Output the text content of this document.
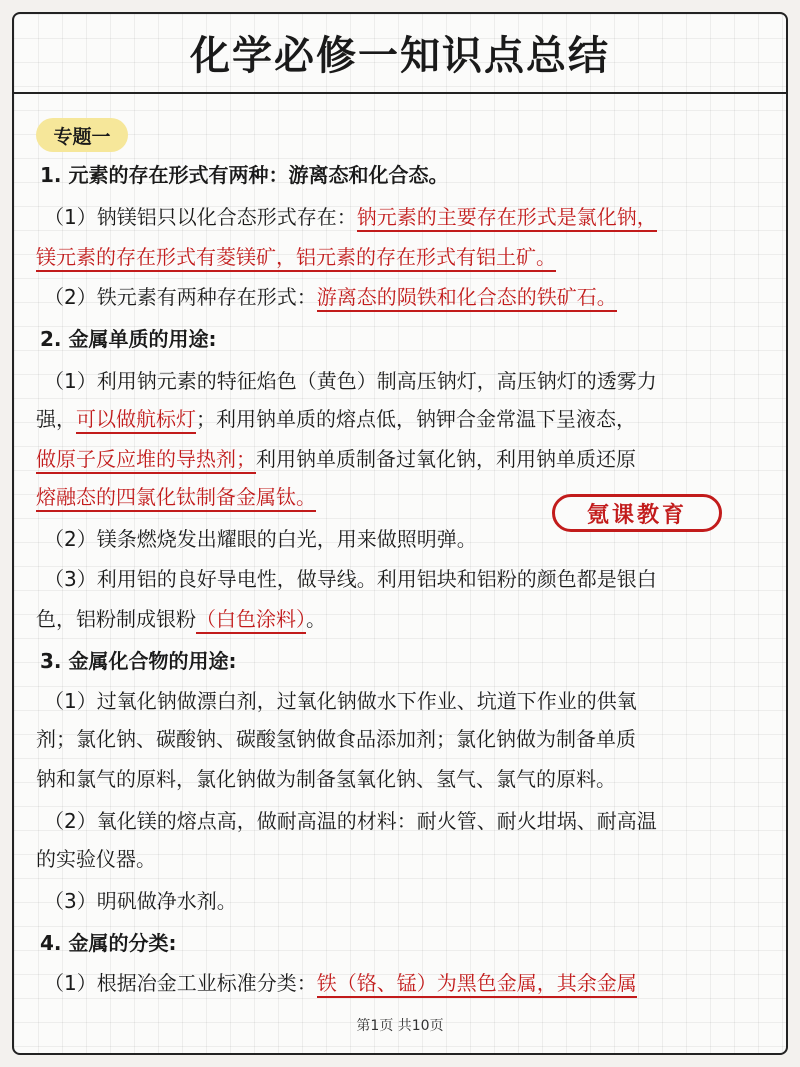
化学必修一知识点总结
专题一
1. 元素的存在形式有两种：游离态和化合态。
（1）钠镁铝只以化合态形式存在：钠元素的主要存在形式是氯化钠，
镁元素的存在形式有菱镁矿，铝元素的存在形式有铝土矿。
（2）铁元素有两种存在形式：游离态的陨铁和化合态的铁矿石。
2. 金属单质的用途:
（1）利用钠元素的特征焰色（黄色）制高压钠灯，高压钠灯的透雾力
强，可以做航标灯；利用钠单质的熔点低，钠钾合金常温下呈液态，
做原子反应堆的导热剂；利用钠单质制备过氧化钠，利用钠单质还原
熔融态的四氯化钛制备金属钛。
（2）镁条燃烧发出耀眼的白光，用来做照明弹。
（3）利用铝的良好导电性，做导线。利用铝块和铝粉的颜色都是银白
色，铝粉制成银粉（白色涂料）。
3. 金属化合物的用途:
（1）过氧化钠做漂白剂，过氧化钠做水下作业、坑道下作业的供氧
剂；氯化钠、碳酸钠、碳酸氢钠做食品添加剂；氯化钠做为制备单质
钠和氯气的原料，氯化钠做为制备氢氧化钠、氢气、氯气的原料。
（2）氧化镁的熔点高，做耐高温的材料：耐火管、耐火坩埚、耐高温
的实验仪器。
（3）明矾做净水剂。
4. 金属的分类:
（1）根据冶金工业标准分类：铁（铬、锰）为黑色金属，其余金属
氪课教育
第1页 共10页
